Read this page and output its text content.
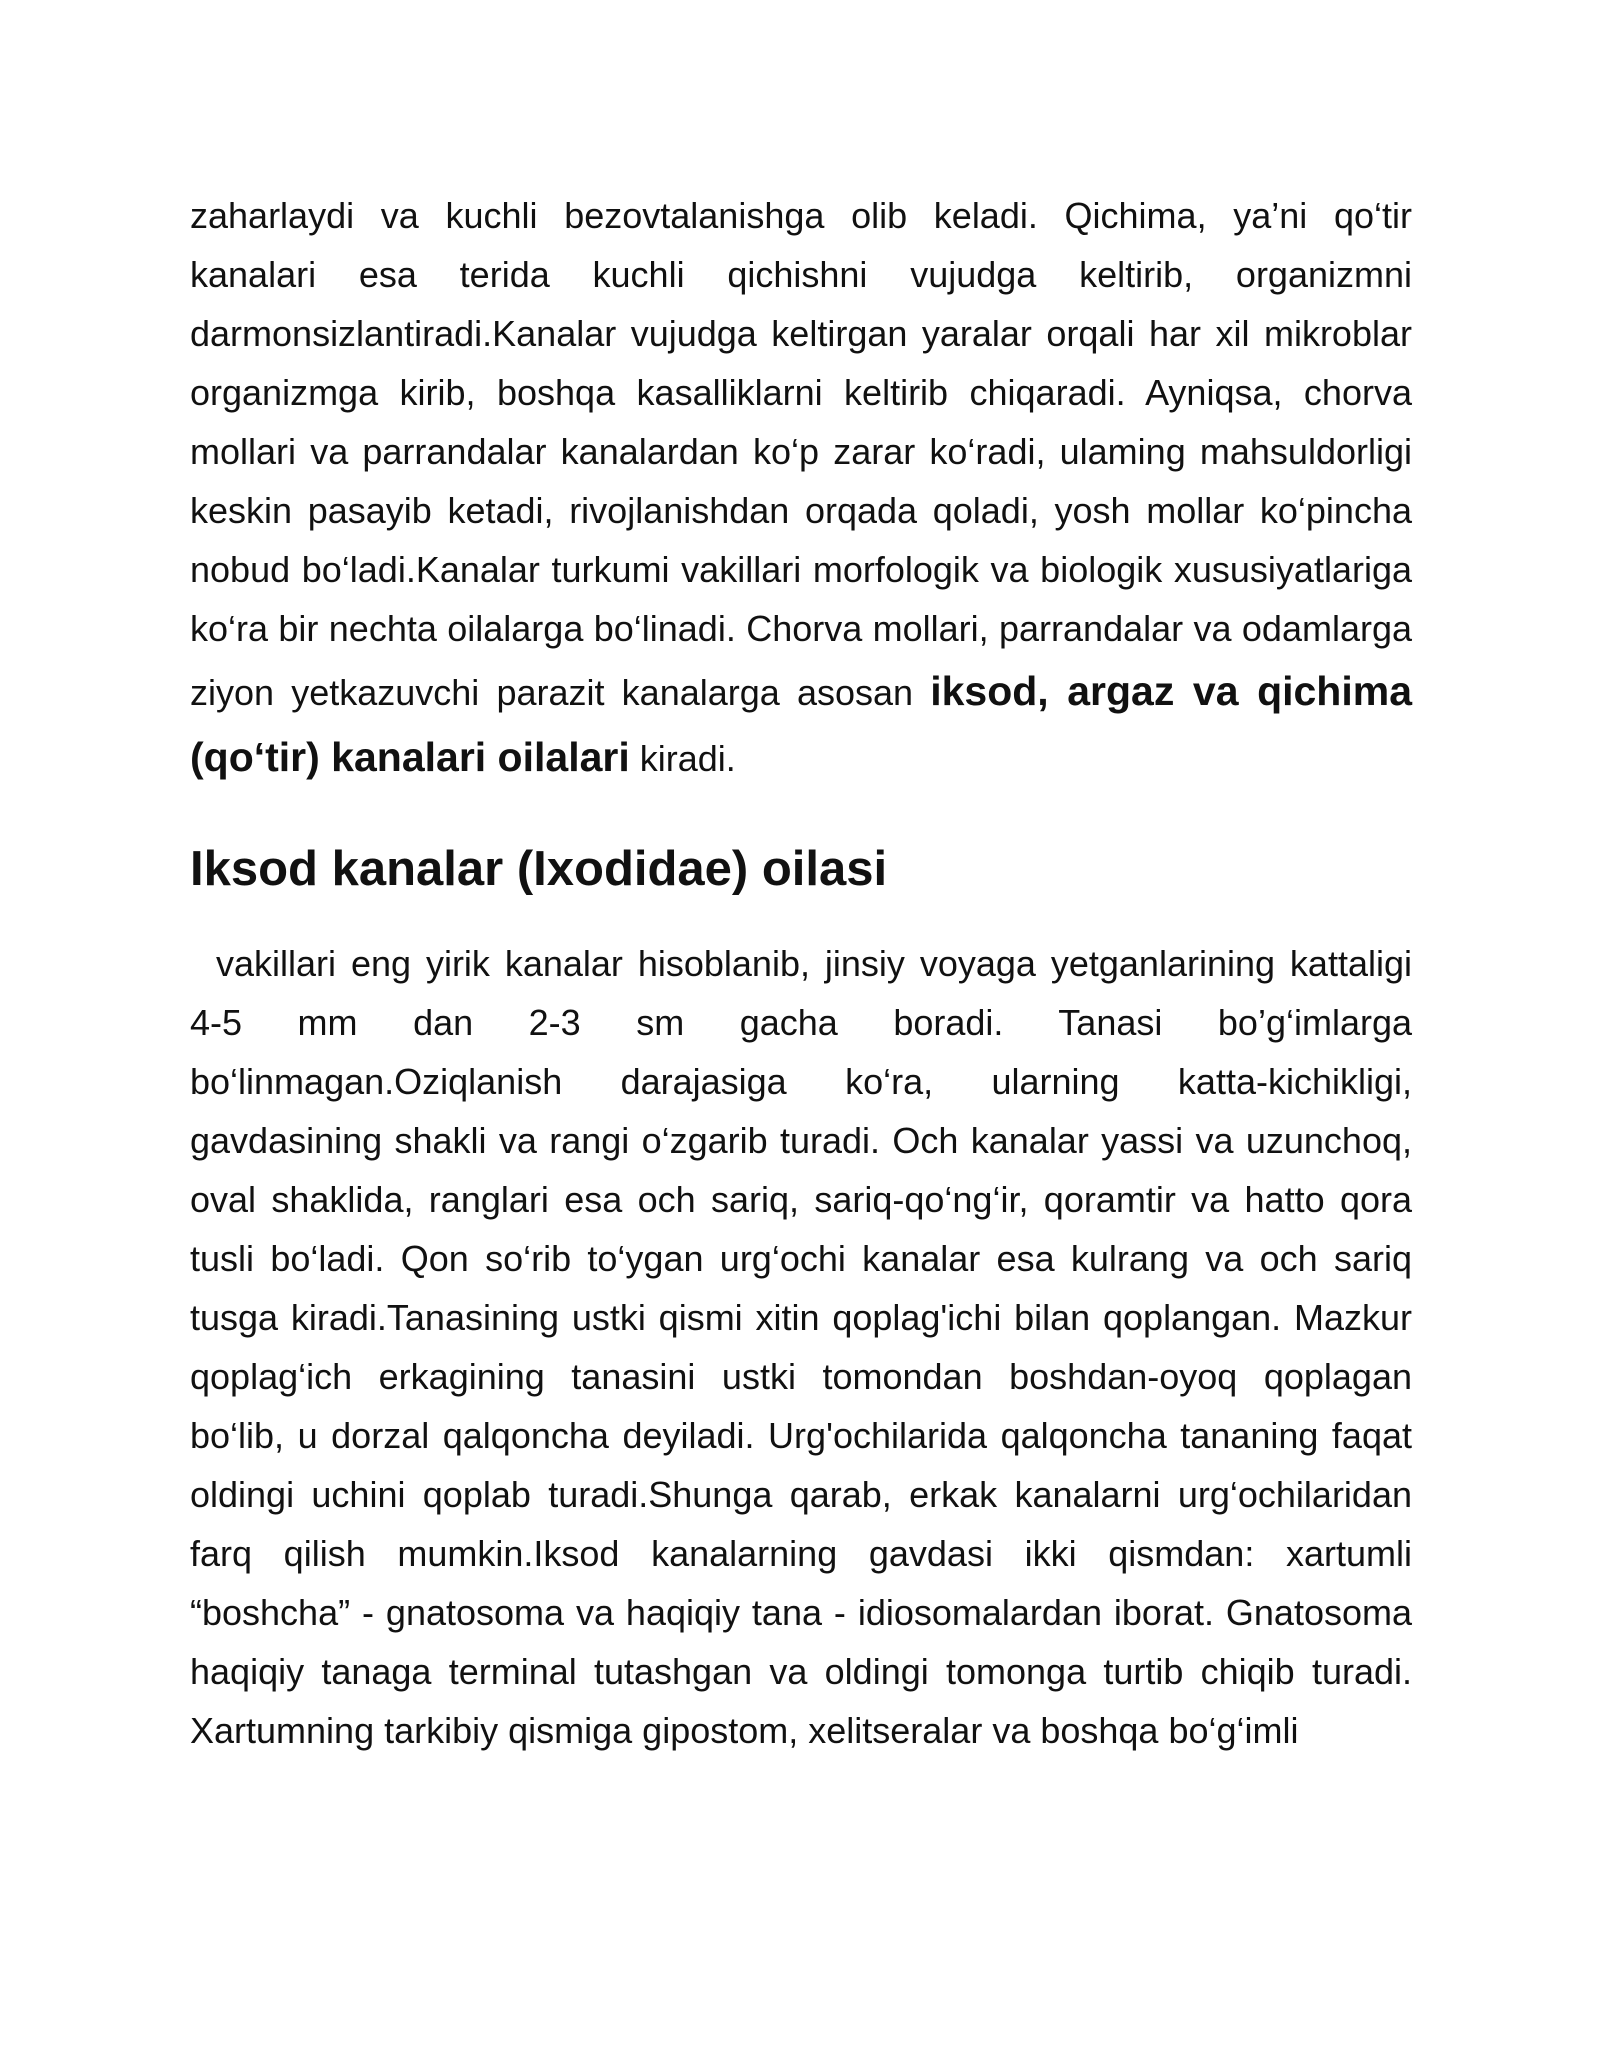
zaharlaydi va kuchli bezovtalanishga olib keladi. Qichima, ya’ni qo‘tir kanalari esa terida kuchli qichishni vujudga keltirib, organizmni darmonsizlantiradi.Kanalar vujudga keltirgan yaralar orqali har xil mikroblar organizmga kirib, boshqa kasalliklarni keltirib chiqaradi. Ayniqsa, chorva mollari va parrandalar kanalardan ko‘p zarar ko‘radi, ulaming mahsuldorligi keskin pasayib ketadi, rivojlanishdan orqada qoladi, yosh mollar ko‘pincha nobud bo‘ladi.Kanalar turkumi vakillari morfologik va biologik xususiyatlariga ko‘ra bir nechta oilalarga bo‘linadi. Chorva mollari, parrandalar va odamlarga ziyon yetkazuvchi parazit kanalarga asosan iksod, argaz va qichima (qo‘tir) kanalari oilalari kiradi.

Iksod kanalar (Ixodidae) oilasi

vakillari eng yirik kanalar hisoblanib, jinsiy voyaga yetganlarining kattaligi 4-5 mm dan 2-3 sm gacha boradi. Tanasi bo’g‘imlarga bo‘linmagan.Oziqlanish darajasiga ko‘ra, ularning katta-kichikligi, gavdasining shakli va rangi o‘zgarib turadi. Och kanalar yassi va uzunchoq, oval shaklida, ranglari esa och sariq, sariq-qo‘ng‘ir, qoramtir va hatto qora tusli bo‘ladi. Qon so‘rib to‘ygan urg‘ochi kanalar esa kulrang va och sariq tusga kiradi.Tanasining ustki qismi xitin qoplag'ichi bilan qoplangan. Mazkur qoplag‘ich erkagining tanasini ustki tomondan boshdan-oyoq qoplagan bo‘lib, u dorzal qalqoncha deyiladi. Urg'ochilarida qalqoncha tananing faqat oldingi uchini qoplab turadi.Shunga qarab, erkak kanalarni urg‘ochilaridan farq qilish mumkin.Iksod kanalarning gavdasi ikki qismdan: xartumli “boshcha” - gnatosoma va haqiqiy tana - idiosomalardan iborat. Gnatosoma haqiqiy tanaga terminal tutashgan va oldingi tomonga turtib chiqib turadi. Xartumning tarkibiy qismiga gipostom, xelitseralar va boshqa bo‘g‘imli
